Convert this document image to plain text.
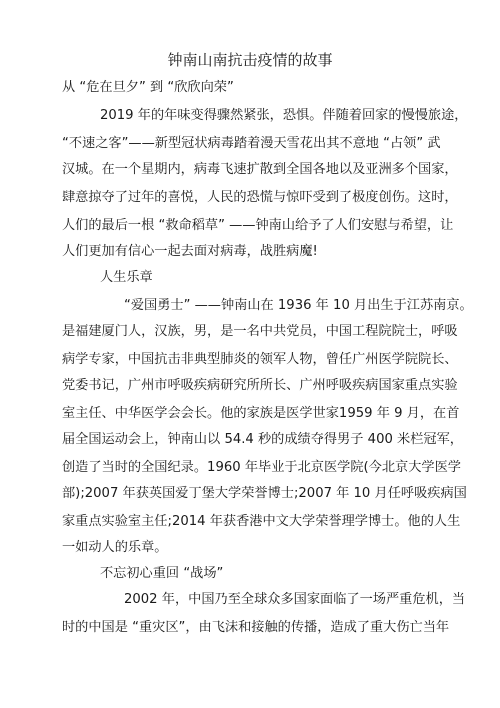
钟南山南抗击疫情的故事
从 “危在旦夕” 到 “欣欣向荣”
2019 年的年味变得骤然紧张，恐惧。伴随着回家的慢慢旅途，
“不速之客”——新型冠状病毒踏着漫天雪花出其不意地 “占领” 武
汉城。在一个星期内，病毒飞速扩散到全国各地以及亚洲多个国家，
肆意掠夺了过年的喜悦，人民的恐慌与惊吓受到了极度创伤。这时，
人们的最后一根 “救命稻草” ——钟南山给予了人们安慰与希望，让
人们更加有信心一起去面对病毒，战胜病魔!
人生乐章
“爱国勇士” ——钟南山在 1936 年 10 月出生于江苏南京。
是福建厦门人，汉族，男，是一名中共党员，中国工程院院士，呼吸
病学专家，中国抗击非典型肺炎的领军人物，曾任广州医学院院长、
党委书记，广州市呼吸疾病研究所所长、广州呼吸疾病国家重点实验
室主任、中华医学会会长。他的家族是医学世家1959 年 9 月，在首
届全国运动会上，钟南山以 54.4 秒的成绩夺得男子 400 米栏冠军，
创造了当时的全国纪录。1960 年毕业于北京医学院(今北京大学医学
部);2007 年获英国爱丁堡大学荣誉博士;2007 年 10 月任呼吸疾病国
家重点实验室主任;2014 年获香港中文大学荣誉理学博士。他的人生
一如动人的乐章。
不忘初心重回 “战场”
2002 年，中国乃至全球众多国家面临了一场严重危机，当
时的中国是 “重灾区”，由飞沫和接触的传播，造成了重大伤亡当年
